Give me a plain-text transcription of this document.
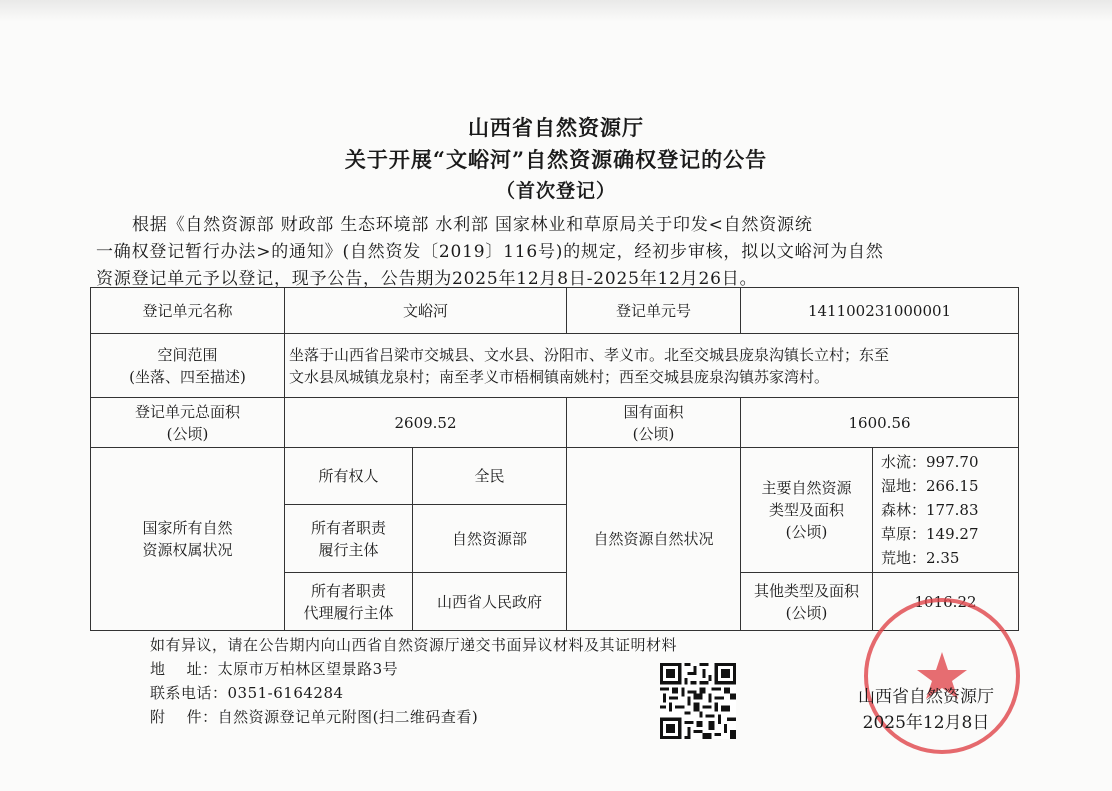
山西省自然资源厅
关于开展“文峪河”自然资源确权登记的公告
（首次登记）
根据《自然资源部 财政部 生态环境部 水利部 国家林业和草原局关于印发<自然资源统
一确权登记暂行办法>的通知》(自然资发〔2019〕116号)的规定，经初步审核，拟以文峪河为自然
资源登记单元予以登记，现予公告，公告期为2025年12月8日-2025年12月26日。
登记单元名称	文峪河		登记单元号	141100231000001	

空间范围
(坐落、四至描述)	坐落于山西省吕梁市交城县、文水县、汾阳市、孝义市。北至交城县庞泉沟镇长立村；东至
文水县凤城镇龙泉村；南至孝义市梧桐镇南姚村；西至交城县庞泉沟镇苏家湾村。				

登记单元总面积
(公顷)	2609.52		国有面积
(公顷)	1600.56	

国家所有自然
资源权属状况	所有权人	全民	自然资源自然状况	主要自然资源
类型及面积
(公顷)	水流：997.70
湿地：266.15
森林：177.83
草原：149.27
荒地：2.35

	所有者职责
履行主体	自然资源部			

	所有者职责
代理履行主体	山西省人民政府		其他类型及面积
(公顷)	1016.22
如有异议，请在公告期内向山西省自然资源厅递交书面异议材料及其证明材料
地    址：太原市万柏林区望景路3号
联系电话：0351-6164284
附    件：自然资源登记单元附图(扫二维码查看)
山西省自然资源厅
2025年12月8日
